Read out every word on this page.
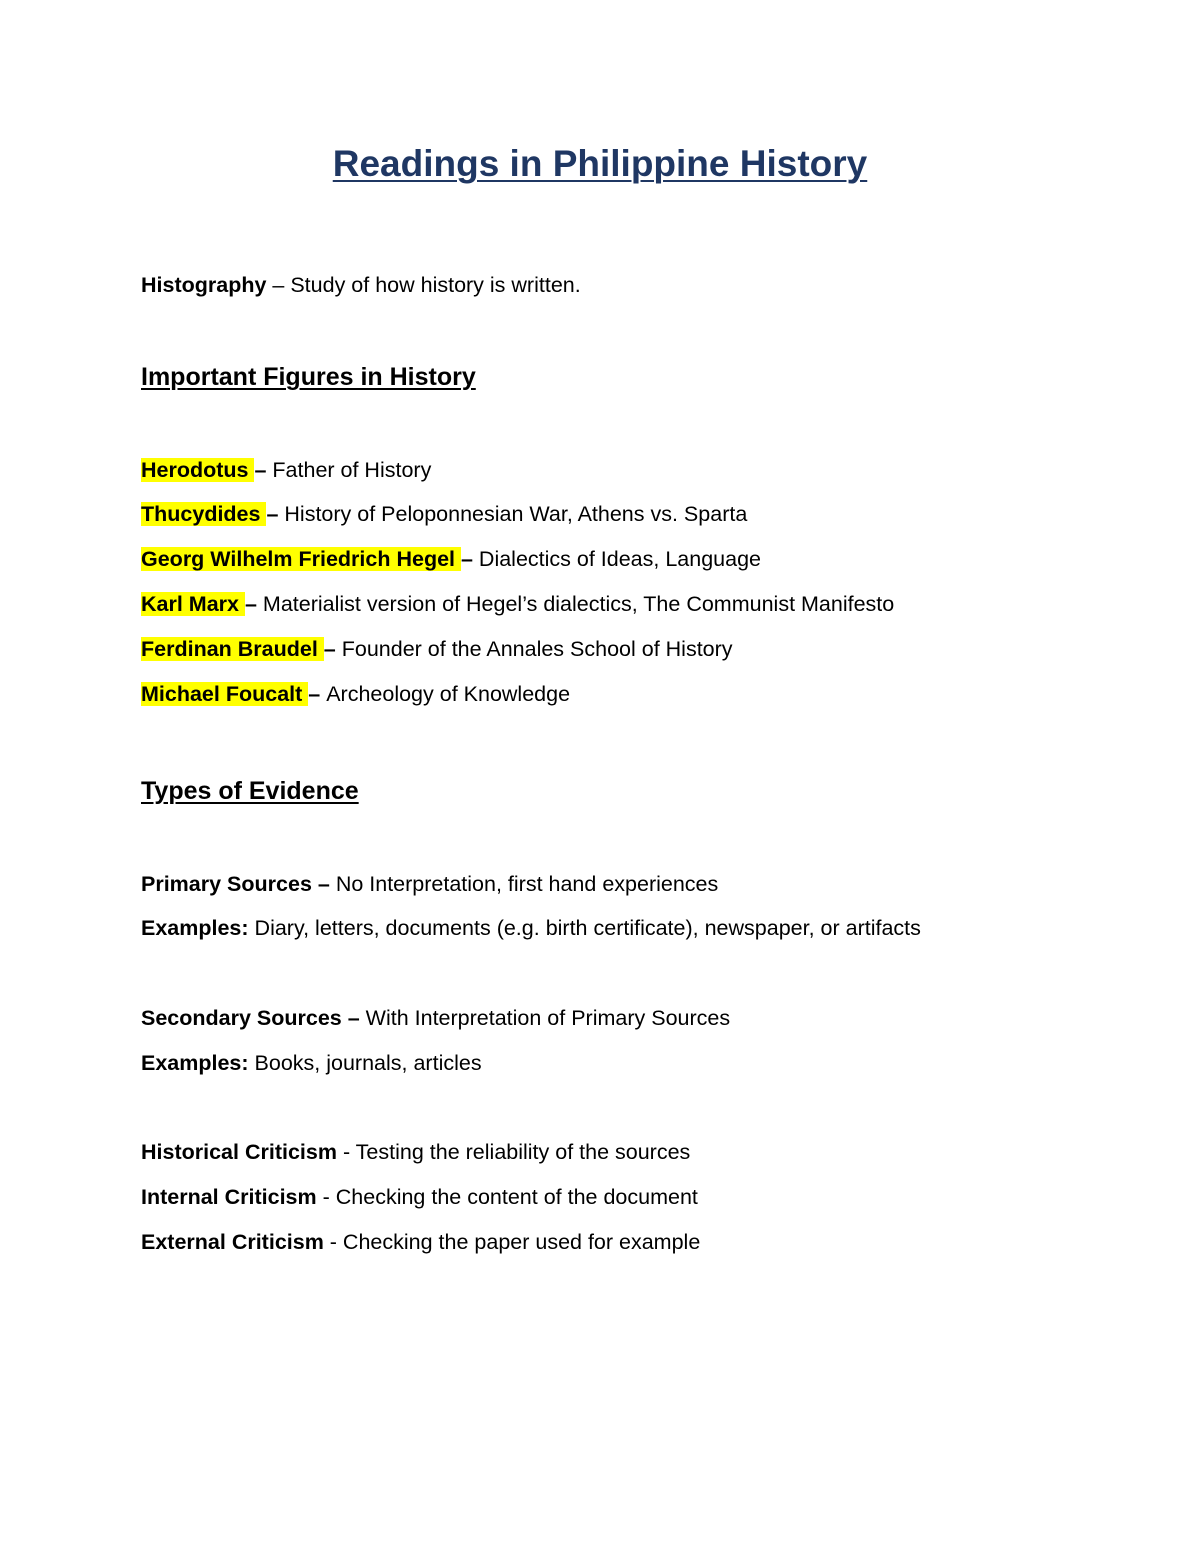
Readings in Philippine History
Histography – Study of how history is written.
Important Figures in History
Herodotus – Father of History
Thucydides – History of Peloponnesian War, Athens vs. Sparta
Georg Wilhelm Friedrich Hegel – Dialectics of Ideas, Language
Karl Marx – Materialist version of Hegel’s dialectics, The Communist Manifesto
Ferdinan Braudel – Founder of the Annales School of History
Michael Foucalt – Archeology of Knowledge
Types of Evidence
Primary Sources – No Interpretation, first hand experiences
Examples: Diary, letters, documents (e.g. birth certificate), newspaper, or artifacts
Secondary Sources – With Interpretation of Primary Sources
Examples: Books, journals, articles
Historical Criticism - Testing the reliability of the sources
Internal Criticism - Checking the content of the document
External Criticism - Checking the paper used for example
